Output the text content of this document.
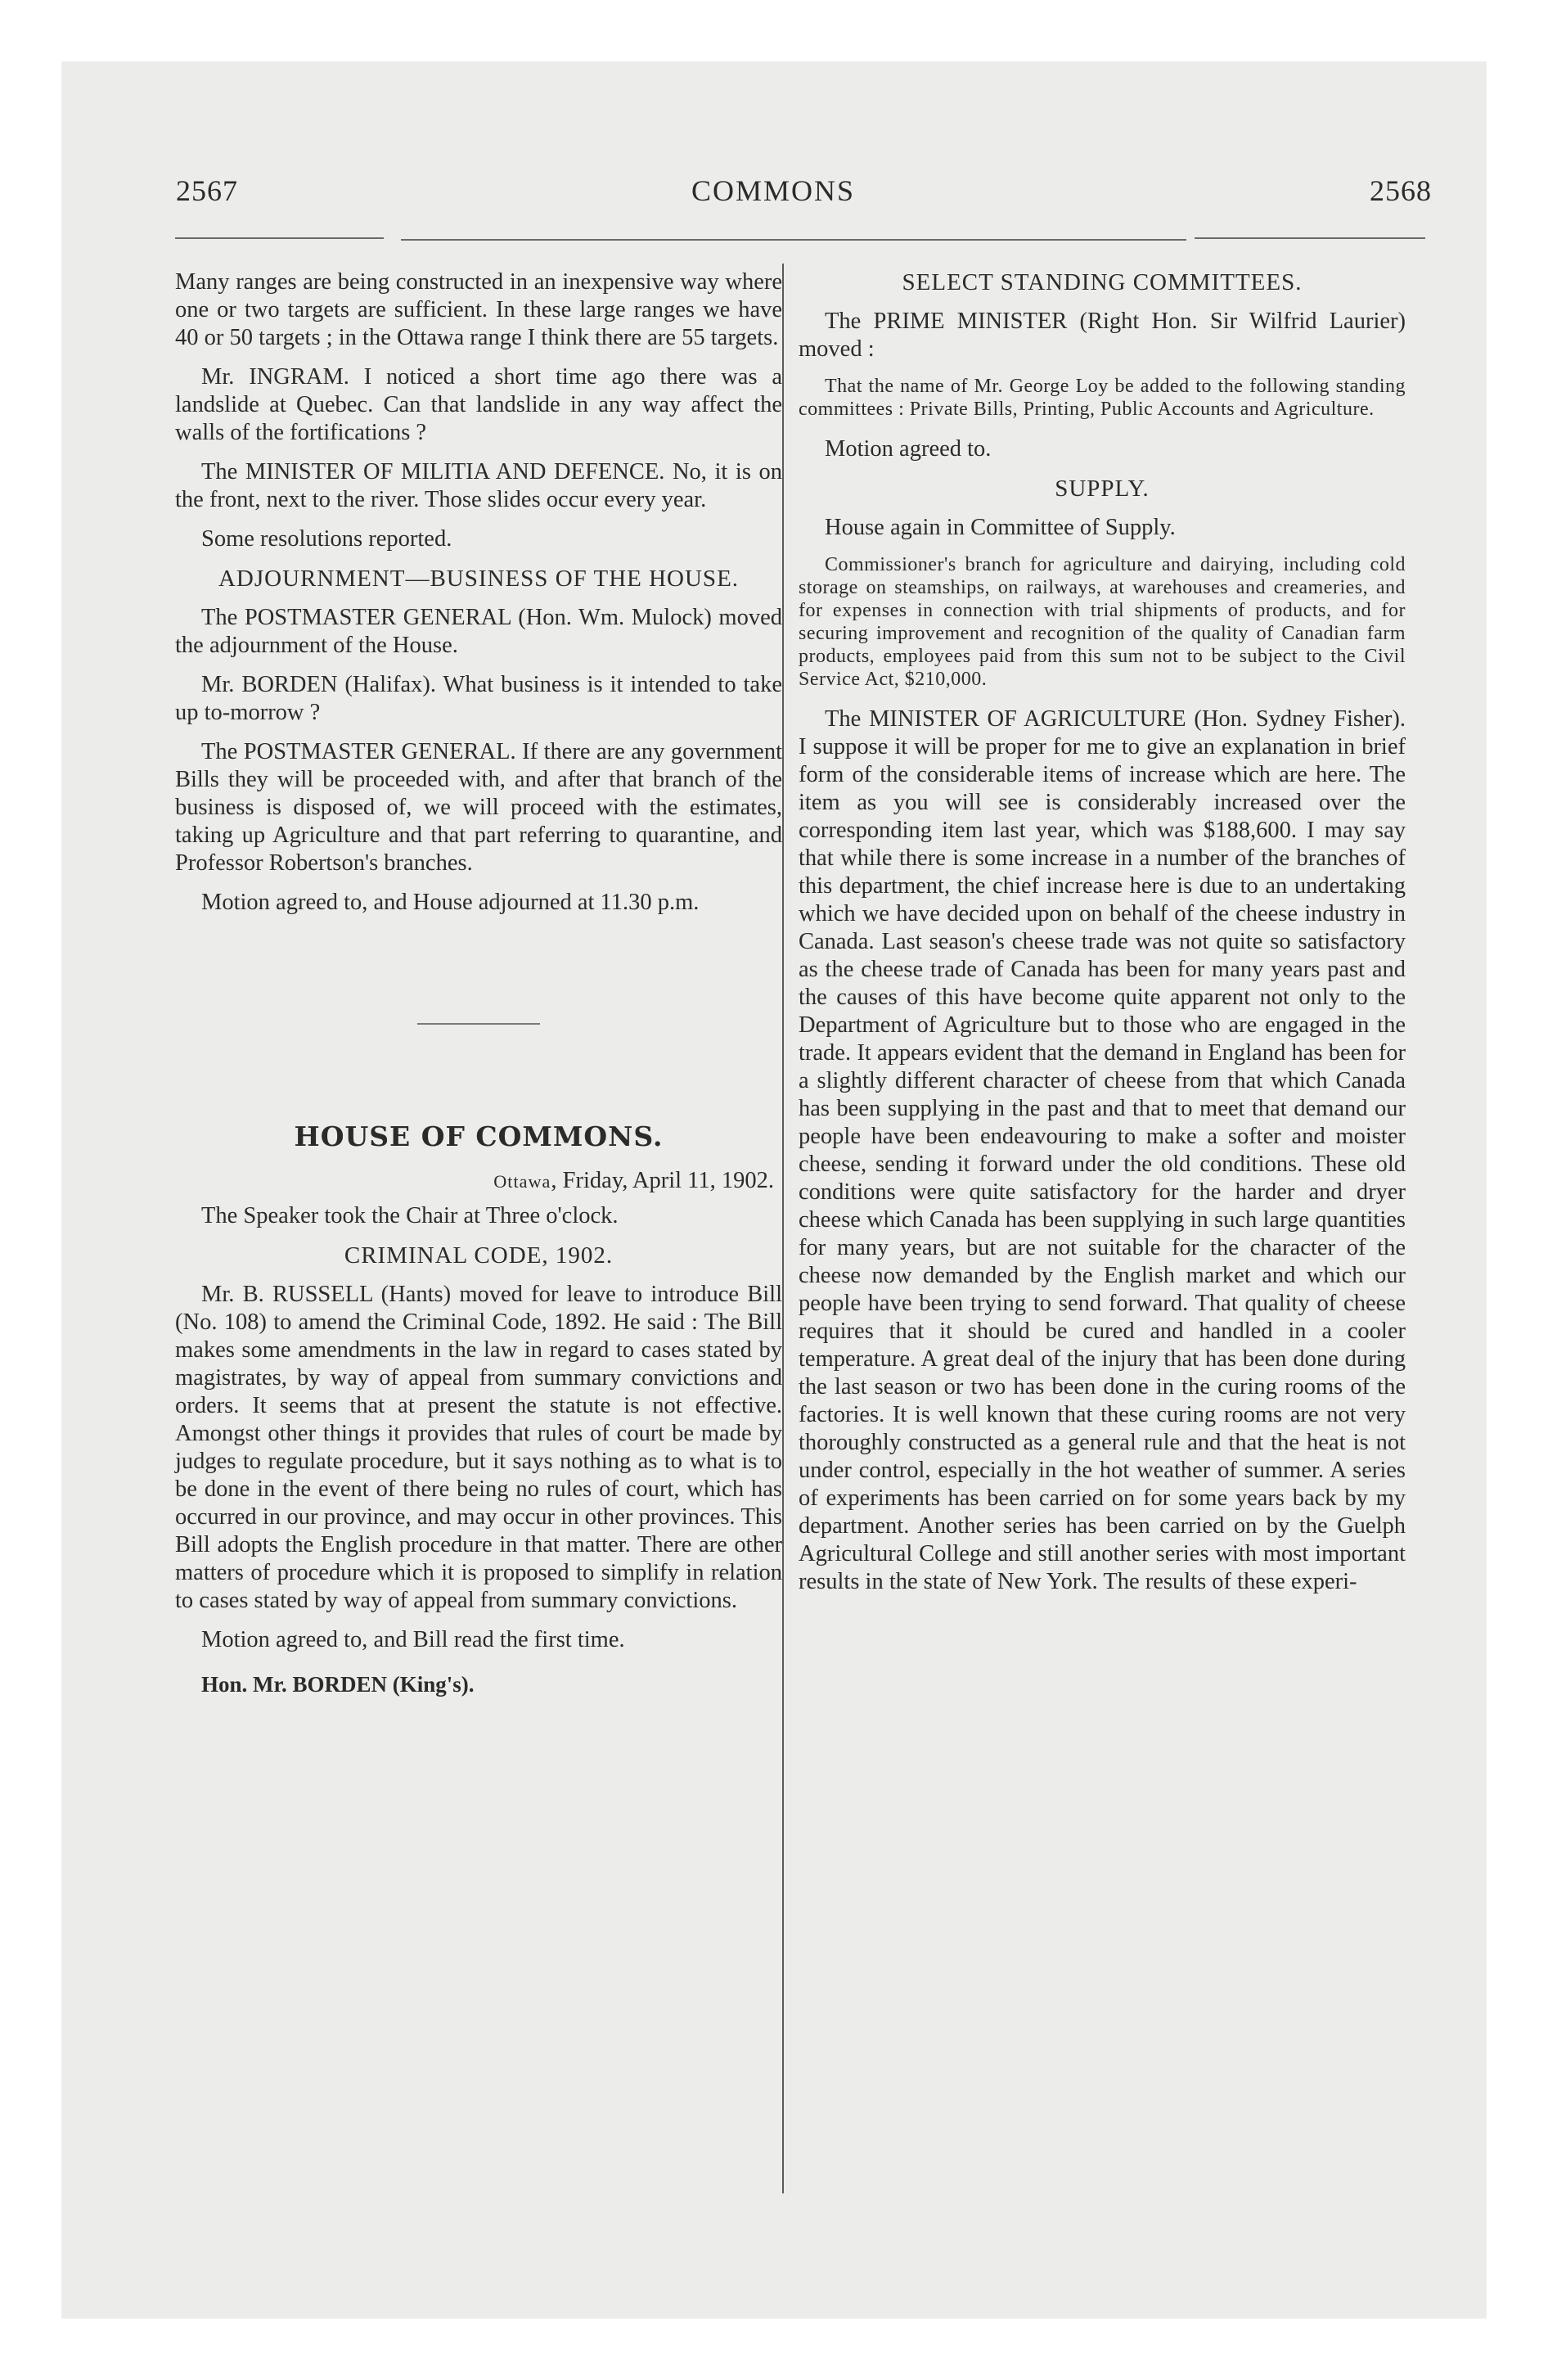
2567	COMMONS	2568

Many ranges are being constructed in an inexpensive way where one or two targets are sufficient. In these large ranges we have 40 or 50 targets ; in the Ottawa range I think there are 55 targets.

Mr. INGRAM. I noticed a short time ago there was a landslide at Quebec. Can that landslide in any way affect the walls of the fortifications ?

The MINISTER OF MILITIA AND DEFENCE. No, it is on the front, next to the river. Those slides occur every year.

Some resolutions reported.

ADJOURNMENT—BUSINESS OF THE HOUSE.

The POSTMASTER GENERAL (Hon. Wm. Mulock) moved the adjournment of the House.

Mr. BORDEN (Halifax). What business is it intended to take up to-morrow ?

The POSTMASTER GENERAL. If there are any government Bills they will be proceeded with, and after that branch of the business is disposed of, we will proceed with the estimates, taking up Agriculture and that part referring to quarantine, and Professor Robertson's branches.

Motion agreed to, and House adjourned at 11.30 p.m.

HOUSE OF COMMONS.

Ottawa, Friday, April 11, 1902.

The Speaker took the Chair at Three o'clock.

CRIMINAL CODE, 1902.

Mr. B. RUSSELL (Hants) moved for leave to introduce Bill (No. 108) to amend the Criminal Code, 1892. He said : The Bill makes some amendments in the law in regard to cases stated by magistrates, by way of appeal from summary convictions and orders. It seems that at present the statute is not effective. Amongst other things it provides that rules of court be made by judges to regulate procedure, but it says nothing as to what is to be done in the event of there being no rules of court, which has occurred in our province, and may occur in other provinces. This Bill adopts the English procedure in that matter. There are other matters of procedure which it is proposed to simplify in relation to cases stated by way of appeal from summary convictions.

Motion agreed to, and Bill read the first time.

Hon. Mr. BORDEN (King's).

SELECT STANDING COMMITTEES.

The PRIME MINISTER (Right Hon. Sir Wilfrid Laurier) moved :

That the name of Mr. George Loy be added to the following standing committees : Private Bills, Printing, Public Accounts and Agriculture.

Motion agreed to.

SUPPLY.

House again in Committee of Supply.

Commissioner's branch for agriculture and dairying, including cold storage on steamships, on railways, at warehouses and creameries, and for expenses in connection with trial shipments of products, and for securing improvement and recognition of the quality of Canadian farm products, employees paid from this sum not to be subject to the Civil Service Act, $210,000.

The MINISTER OF AGRICULTURE (Hon. Sydney Fisher). I suppose it will be proper for me to give an explanation in brief form of the considerable items of increase which are here. The item as you will see is considerably increased over the corresponding item last year, which was $188,600. I may say that while there is some increase in a number of the branches of this department, the chief increase here is due to an undertaking which we have decided upon on behalf of the cheese industry in Canada. Last season's cheese trade was not quite so satisfactory as the cheese trade of Canada has been for many years past and the causes of this have become quite apparent not only to the Department of Agriculture but to those who are engaged in the trade. It appears evident that the demand in England has been for a slightly different character of cheese from that which Canada has been supplying in the past and that to meet that demand our people have been endeavouring to make a softer and moister cheese, sending it forward under the old conditions. These old conditions were quite satisfactory for the harder and dryer cheese which Canada has been supplying in such large quantities for many years, but are not suitable for the character of the cheese now demanded by the English market and which our people have been trying to send forward. That quality of cheese requires that it should be cured and handled in a cooler temperature. A great deal of the injury that has been done during the last season or two has been done in the curing rooms of the factories. It is well known that these curing rooms are not very thoroughly constructed as a general rule and that the heat is not under control, especially in the hot weather of summer. A series of experiments has been carried on for some years back by my department. Another series has been carried on by the Guelph Agricultural College and still another series with most important results in the state of New York. The results of these experi-
